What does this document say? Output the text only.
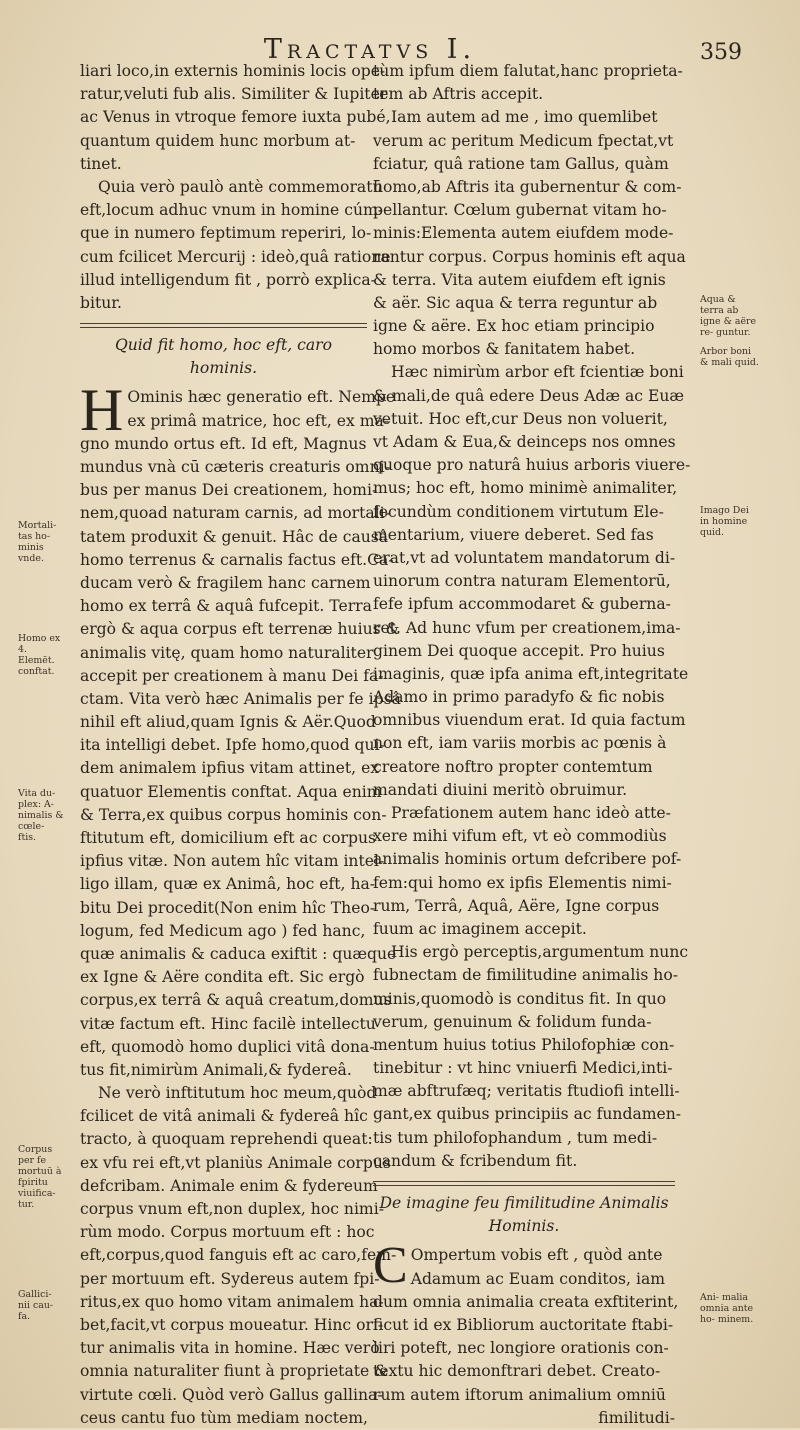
Tractatvs I.	359
Mortali- tas ho- minis vnde.
Homo ex 4. Elemēt. conftat.
Vita du- plex: A- nimalis & cœle- ftis.
Corpus per fe mortuū à fpiritu viuifica- tur.
Gallici- nii cau- fa.
Aqua & terra ab igne & aëre re- guntur.
Arbor boni & mali quid.
Imago Dei in homine quid.
Ani- malia omnia ante ho- minem.
liari loco,in externis hominis locis ope-
ratur,veluti fub alis. Similiter & Iupiter
ac Venus in vtroque femore iuxta pubé,
quantum quidem hunc morbum at-
tinet.
Quia verò paulò antè commemoratū
eft,locum adhuc vnum in homine cúm-
que in numero feptimum reperiri, lo-
cum fcilicet Mercurij : ideò,quâ ratione
illud intelligendum fit , porrò explica-
bitur.
Quid fit homo, hoc eft, caro hominis.
H Ominis hæc generatio eft. Nempe
ex primâ matrice, hoc eft, ex ma-
gno mundo ortus eft. Id eft, Magnus
mundus vnà cū cæteris creaturis omni-
bus per manus Dei creationem, homi-
nem,quoad naturam carnis, ad mortali-
tatem produxit & genuit. Hâc de causâ
homo terrenus & carnalis factus eft.Ca-
ducam verò & fragilem hanc carnem
homo ex terrâ & aquâ fufcepit. Terra
ergò & aqua corpus eft terrenæ huius &
animalis vitę, quam homo naturaliter
accepit per creationem à manu Dei fa-
ctam. Vita verò hæc Animalis per fe ipsâ
nihil eft aliud,quam Ignis & Aër.Quod
ita intelligi debet. Ipfe homo,quod qui-
dem animalem ipfius vitam attinet, ex
quatuor Elementis conftat. Aqua enim
& Terra,ex quibus corpus hominis con-
ftitutum eft, domicilium eft ac corpus
ipfius vitæ. Non autem hîc vitam intel-
ligo illam, quæ ex Animâ, hoc eft, ha-
bitu Dei procedit(Non enim hîc Theo-
logum, fed Medicum ago ) fed hanc,
quæ animalis & caduca exiftit : quæque
ex Igne & Aëre condita eft. Sic ergò
corpus,ex terrâ & aquâ creatum,domus
vitæ factum eft. Hinc facilè intellectu
eft, quomodò homo duplici vitâ dona-
tus fit,nimirùm Animali,& fydereâ.
Ne verò inftitutum hoc meum,quòd
fcilicet de vitâ animali & fydereâ hîc
tracto, à quoquam reprehendi queat:
ex vfu rei eft,vt planiùs Animale corpus
defcribam. Animale enim & fydereum
corpus vnum eft,non duplex, hoc nimi-
rùm modo. Corpus mortuum eft : hoc
eft,corpus,quod fanguis eft ac caro,fem-
per mortuum eft. Sydereus autem fpi-
ritus,ex quo homo vitam animalem ha-
bet,facit,vt corpus moueatur. Hinc ori-
tur animalis vita in homine. Hæc verò
omnia naturaliter fiunt à proprietate &
virtute cœli. Quòd verò Gallus gallina-
ceus cantu fuo tùm mediam noctem,
tùm ipfum diem falutat,hanc proprieta-
tem ab Aftris accepit.
Iam autem ad me , imo quemlibet
verum ac peritum Medicum fpectat,vt
fciatur, quâ ratione tam Gallus, quàm
homo,ab Aftris ita gubernentur & com-
pellantur. Cœlum gubernat vitam ho-
minis:Elementa autem eiufdem mode-
rantur corpus. Corpus hominis eft aqua
& terra. Vita autem eiufdem eft ignis
& aër. Sic aqua & terra reguntur ab
igne & aëre. Ex hoc etiam principio
homo morbos & fanitatem habet.
Hæc nimirùm arbor eft fcientiæ boni
& mali,de quâ edere Deus Adæ ac Euæ
vetuit. Hoc eft,cur Deus non voluerit,
vt Adam & Eua,& deinceps nos omnes
quoque pro naturâ huius arboris viuere-
mus; hoc eft, homo minimè animaliter,
fecundùm conditionem virtutum Ele-
mentarium, viuere deberet. Sed fas
erat,vt ad voluntatem mandatorum di-
uinorum contra naturam Elementorū,
fefe ipfum accommodaret & guberna-
ret. Ad hunc vfum per creationem,ima-
ginem Dei quoque accepit. Pro huius
imaginis, quæ ipfa anima eft,integritate
Adamo in primo paradyfo & fic nobis
omnibus viuendum erat. Id quia factum
non eft, iam variis morbis ac pœnis à
creatore noftro propter contemtum
mandati diuini meritò obruimur.
Præfationem autem hanc ideò atte-
xere mihi vifum eft, vt eò commodiùs
animalis hominis ortum defcribere pof-
fem:qui homo ex ipfis Elementis nimi-
rum, Terrâ, Aquâ, Aëre, Igne corpus
fuum ac imaginem accepit.
His ergò perceptis,argumentum nunc
fubnectam de fimilitudine animalis ho-
minis,quomodò is conditus fit. In quo
verum, genuinum & folidum funda-
mentum huius totius Philofophiæ con-
tinebitur : vt hinc vniuerfi Medici,inti-
mæ abftrufæq; veritatis ftudiofi intelli-
gant,ex quibus principiis ac fundamen-
tis tum philofophandum , tum medi-
candum & fcribendum fit.
De imagine feu fimilitudine Animalis
Hominis.
C Ompertum vobis eft , quòd ante
Adamum ac Euam conditos, iam
dum omnia animalia creata exftiterint,
ficut id ex Bibliorum auctoritate ftabi-
liri poteft, nec longiore orationis con-
textu hic demonftrari debet. Creato-
rum autem iftorum animalium omniū
fimilitudi-
